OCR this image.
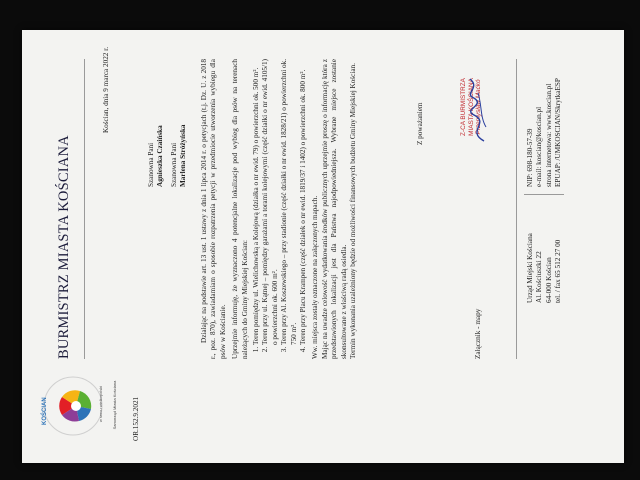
KOŚCIAN	w sercu wielkopolski Samorząd Miasta Kościana
BURMISTRZ MIASTA KOŚCIANA
OR.152.9.2021
Kościan, dnia 9 marca 2022 r.
Szanowna Pani Agnieszka Czaińska Szanowna Pani Marlena Stróżyńska Działając na podstawie art. 13 ust. 1 ustawy z dnia 1 lipca 2014 r. o petycjach (t.j. Dz. U. z 2018 r., poz. 870), zawiadamiam o sposobie rozpatrzenia petycji w przedmiocie utworzenia wybiegu dla psów w Kościanie. Uprzejmie informuję, że wyznaczono 4 potencjalne lokalizacje pod wybieg dla psów na terenach należących do Gminy Miejskiej Kościan: 1. Teren pomiędzy ul. Wielichowską a Kolejową (działka o nr ewid. 79) o powierzchni ok. 500 m². 2. Teren przy ul. Kątnej – pomiędzy garażami a torami kolejowymi (część działki o nr ewid. 4105/1) o powierzchni ok. 600 m². 3. Teren przy Al. Koszewskiego – przy stadionie (część działki o nr ewid. 1828/21) o powierzchni ok. 750 m². 4. Teren przy Placu Krampen (część działek o nr ewid. 1819/37 i 1402) o powierzchni ok. 800 m². Ww. miejsca zostały oznaczone na załączonych mapach. Mając na uwadze celowość wydatkowania środków publicznych uprzejmie proszę o informację która z przedstawionych lokalizacji jest dla Państwa najodpowiedniejsza. Wybrane miejsce zostanie skonsultowane z właściwą radą osiedla. Termin wykonania uzależniony będzie od możliwości finansowych budżetu Gminy Miejskiej Kościan.	Z poważaniem	Z-CA BURMISTRZA MIASTA KOŚCIANA Przemysław Maćkó
Załącznik - mapy
Urząd Miejski Kościana Al. Kościuszki 22 64-000 Kościan tel. / fax 65 512 27 00
NIP: 698-180-57-39 e-mail: koscian@koscian.pl strona internetowa: www.koscian.pl EPUAP: /UMKOSCIAN/SkrytkaESP
